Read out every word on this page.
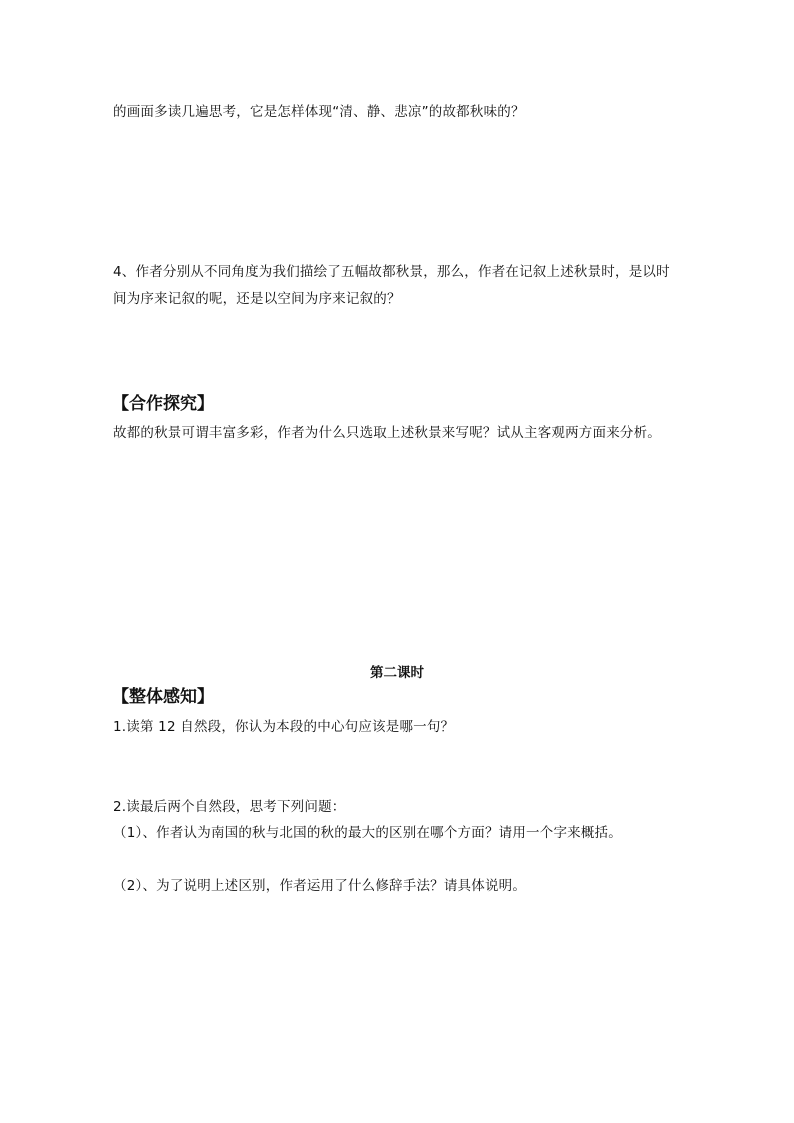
的画面多读几遍思考，它是怎样体现“清、静、悲凉”的故都秋味的？
4、作者分别从不同角度为我们描绘了五幅故都秋景，那么，作者在记叙上述秋景时，是以时
间为序来记叙的呢，还是以空间为序来记叙的？
【合作探究】
故都的秋景可谓丰富多彩，作者为什么只选取上述秋景来写呢？试从主客观两方面来分析。
第二课时
【整体感知】
1.读第 12 自然段，你认为本段的中心句应该是哪一句？
2.读最后两个自然段，思考下列问题：
（1）、作者认为南国的秋与北国的秋的最大的区别在哪个方面？请用一个字来概括。
（2）、为了说明上述区别，作者运用了什么修辞手法？请具体说明。
